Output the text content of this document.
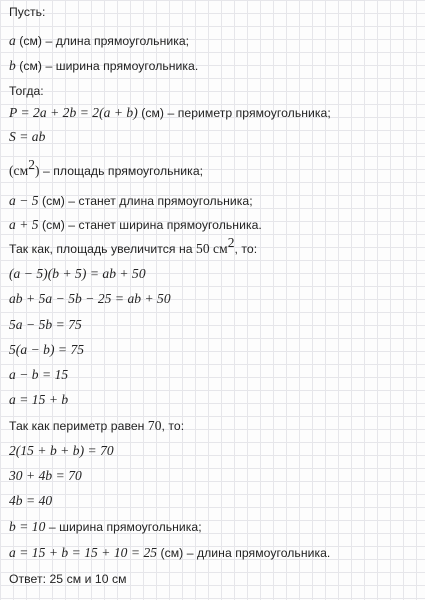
Пусть:
a (см) – длина прямоугольника;
b (см) – ширина прямоугольника.
Тогда:
P = 2a + 2b = 2(a + b) (см) – периметр прямоугольника;
S = ab
$(см^2)$ – площадь прямоугольника;
a − 5 (см) – станет длина прямоугольника;
a + 5 (см) – станет ширина прямоугольника.
Так как, площадь увеличится на 50 $см^2$, то:
(a − 5)(b + 5) = ab + 50
ab + 5a − 5b − 25 = ab + 50
5a − 5b = 75
5(a − b) = 75
a − b = 15
a = 15 + b
Так как периметр равен 70, то:
2(15 + b + b) = 70
30 + 4b = 70
4b = 40
b = 10 – ширина прямоугольника;
a = 15 + b = 15 + 10 = 25 (см) – длина прямоугольника.
Ответ: 25 см и 10 см
